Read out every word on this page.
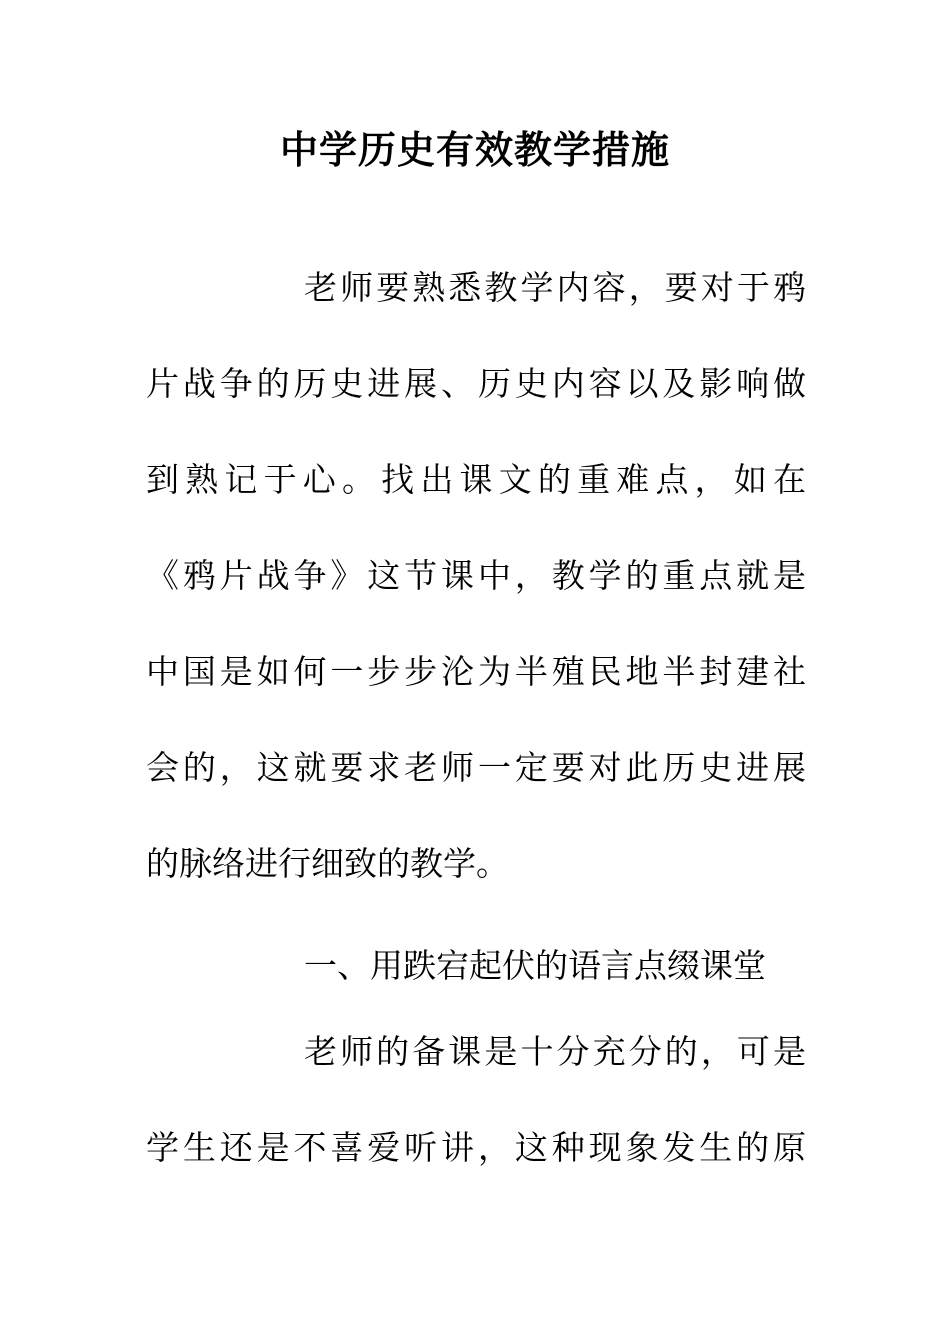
中学历史有效教学措施
老师要熟悉教学内容，要对于鸦
片战争的历史进展、历史内容以及影响做
到熟记于心。找出课文的重难点，如在
《鸦片战争》这节课中，教学的重点就是
中国是如何一步步沦为半殖民地半封建社
会的，这就要求老师一定要对此历史进展
的脉络进行细致的教学。
一、用跌宕起伏的语言点缀课堂
老师的备课是十分充分的，可是
学生还是不喜爱听讲，这种现象发生的原
